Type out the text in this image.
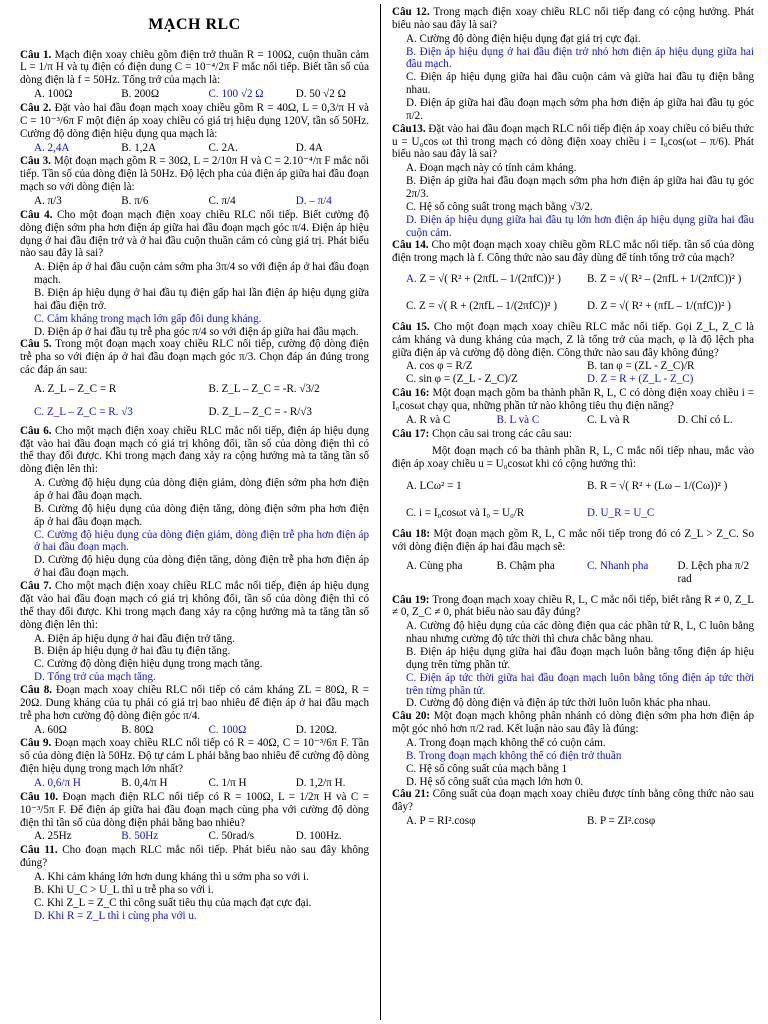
MẠCH RLC
Câu 1. Mạch điện xoay chiều gồm điện trở thuần R = 100Ω, cuộn thuần cảm L = 1/π H và tụ điện có điện dung C = 10⁻⁴/2π F mắc nối tiếp. Biết tần số của dòng điện là f = 50Hz. Tổng trở của mạch là:
A. 100Ω	B. 200Ω	C. 100 √2 Ω	D. 50 √2 Ω
Câu 2. Đặt vào hai đầu đoạn mạch xoay chiều gồm R = 40Ω, L = 0,3/π H và C = 10⁻³/6π F một điện áp xoay chiều có giá trị hiệu dụng 120V, tần số 50Hz. Cường độ dòng điện hiệu dụng qua mạch là:
A. 2,4A	B. 1,2A	C. 2A.	D. 4A
Câu 3. Một đoạn mạch gồm R = 30Ω, L = 2/10π H và C = 2.10⁻⁴/π F mắc nối tiếp. Tần số của dòng điện là 50Hz. Độ lệch pha của điện áp giữa hai đầu đoạn mạch so với dòng điện là:
A. π/3	B. π/6	C. π/4	D. – π/4
Câu 4. Cho một đoạn mạch điện xoay chiều RLC nối tiếp. Biết cường độ dòng điện sớm pha hơn điện áp giữa hai đầu đoạn mạch góc π/4. Điện áp hiệu dụng ở hai đầu điện trở và ở hai đầu cuộn thuần cảm có cùng giá trị. Phát biểu nào sau đây là sai?
A. Điện áp ở hai đầu cuộn cảm sớm pha 3π/4 so với điện áp ở hai đầu đoạn mạch.
B. Điện áp hiệu dụng ở hai đầu tụ điện gấp hai lần điện áp hiệu dụng giữa hai đầu điện trở.
C. Cảm kháng trong mạch lớn gấp đôi dung kháng.
D. Điện áp ở hai đầu tụ trễ pha góc π/4 so với điện áp giữa hai đầu mạch.
Câu 5. Trong một đoạn mạch xoay chiều RLC nối tiếp, cường độ dòng điện trễ pha so với điện áp ở hai đầu đoạn mạch góc π/3. Chọn đáp án đúng trong các đáp án sau:
A. Z_L – Z_C = R	B. Z_L – Z_C = -R. √3/2
C. Z_L – Z_C = R. √3	D. Z_L – Z_C = - R/√3
Câu 6. Cho một mạch điện xoay chiều RLC mắc nối tiếp, điện áp hiệu dụng đặt vào hai đầu đoạn mạch có giá trị không đổi, tần số của dòng điện thì có thể thay đổi được. Khi trong mạch đang xảy ra cộng hưởng mà ta tăng tần số dòng điện lên thì:
A. Cường độ hiệu dụng của dòng điện giảm, dòng điện sớm pha hơn điện áp ở hai đầu đoạn mạch.
B. Cường độ hiệu dụng của dòng điện tăng, dòng điện sớm pha hơn điện áp ở hai đầu đoạn mạch.
C. Cường độ hiệu dụng của dòng điện giảm, dòng điện trễ pha hơn điện áp ở hai đầu đoạn mạch.
D. Cường độ hiệu dụng của dòng điện tăng, dòng điện trễ pha hơn điện áp ở hai đầu đoạn mạch.
Câu 7. Cho một mạch điện xoay chiều RLC mắc nối tiếp, điện áp hiệu dụng đặt vào hai đầu đoạn mạch có giá trị không đổi, tần số của dòng điện thì có thể thay đổi được. Khi trong mạch đang xảy ra cộng hưởng mà ta tăng tần số dòng điện lên thì:
A. Điện áp hiệu dụng ở hai đầu điện trở tăng.
B. Điện áp hiệu dụng ở hai đầu tụ điện tăng.
C. Cường độ dòng điện hiệu dụng trong mạch tăng.
D. Tổng trở của mạch tăng.
Câu 8. Đoạn mạch xoay chiều RLC nối tiếp có cảm kháng ZL = 80Ω, R = 20Ω. Dung kháng của tụ phải có giá trị bao nhiêu để điện áp ở hai đầu mạch trễ pha hơn cường độ dòng điện góc π/4.
A. 60Ω	B. 80Ω	C. 100Ω	D. 120Ω.
Câu 9. Đoạn mạch xoay chiều RLC nối tiếp có R = 40Ω, C = 10⁻³/6π F. Tần số của dòng điện là 50Hz. Độ tự cảm L phải bằng bao nhiêu để cường độ dòng điện hiệu dụng trong mạch lớn nhất?
A. 0,6/π H	B. 0,4/π H	C. 1/π H	D. 1,2/π H.
Câu 10. Đoạn mạch điện RLC nối tiếp có R = 100Ω, L = 1/2π H và C = 10⁻³/5π F. Để điện áp giữa hai đầu đoạn mạch cùng pha với cường độ dòng điện thì tần số của dòng điện phải bằng bao nhiêu?
A. 25Hz	B. 50Hz	C. 50rad/s	D. 100Hz.
Câu 11. Cho đoạn mạch RLC mắc nối tiếp. Phát biểu nào sau đây không đúng?
A. Khi cảm kháng lớn hơn dung kháng thì u sớm pha so với i.
B. Khi U_C > U_L thì u trễ pha so với i.
C. Khi Z_L = Z_C thì công suất tiêu thụ của mạch đạt cực đại.
D. Khi R = Z_L thì i cùng pha với u.
Câu 12. Trong mạch điện xoay chiều RLC nối tiếp đang có cộng hưởng. Phát biểu nào sau đây là sai?
A. Cường độ dòng điện hiệu dụng đạt giá trị cực đại.
B. Điện áp hiệu dụng ở hai đầu điện trở nhỏ hơn điện áp hiệu dụng giữa hai đầu mạch.
C. Điện áp hiệu dụng giữa hai đầu cuộn cảm và giữa hai đầu tụ điện bằng nhau.
D. Điện áp giữa hai đầu đoạn mạch sớm pha hơn điện áp giữa hai đầu tụ góc π/2.
Câu13. Đặt vào hai đầu đoạn mạch RLC nối tiếp điện áp xoay chiều có biểu thức u = U₀cos ωt thì trong mạch có dòng điện xoay chiều i = I₀cos(ωt – π/6). Phát biểu nào sau đây là sai?
A. Đoạn mạch này có tính cảm kháng.
B. Điện áp giữa hai đầu đoạn mạch sớm pha hơn điện áp giữa hai đầu tụ góc 2π/3.
C. Hệ số công suất trong mạch bằng √3/2.
D. Điện áp hiệu dụng giữa hai đầu tụ lớn hơn điện áp hiệu dụng giữa hai đầu cuộn cảm.
Câu 14. Cho một đoạn mạch xoay chiều gồm RLC mắc nối tiếp. tần số của dòng điện trong mạch là f. Công thức nào sau đây dùng để tính tổng trở của mạch?
A. Z = √( R² + (2πfL – 1/(2πfC))² )	B. Z = √( R² – (2πfL + 1/(2πfC))² )
C. Z = √( R + (2πfL – 1/(2πfC))² )	D. Z = √( R² + (πfL – 1/(πfC))² )
Câu 15. Cho một đoạn mạch xoay chiều RLC mắc nối tiếp. Gọi Z_L, Z_C là cảm kháng và dung kháng của mạch, Z là tổng trở của mạch, φ là độ lệch pha giữa điện áp và cường độ dòng điện. Công thức nào sau đây không đúng?
A. cos φ = R/Z	B. tan φ = (ZL - Z_C)/R
C. sin φ = (Z_L - Z_C)/Z	D. Z = R + (Z_L - Z_C)
Câu 16: Một đoạn mạch gồm ba thành phần R, L, C có dòng điện xoay chiều i = I₀cosωt chạy qua, những phần tử nào không tiêu thụ điện năng?
A. R và C	B. L và C	C. L và R	D. Chỉ có L.
Câu 17: Chọn câu sai trong các câu sau:
Một đoạn mạch có ba thành phần R, L, C mắc nối tiếp nhau, mắc vào điện áp xoay chiều u = U₀cosωt khi có cộng hưởng thì:
A. LCω² = 1	B. R = √( R² + (Lω – 1/(Cω))² )
C. i = I₀cosωt và I₀ = U₀/R	D. U_R = U_C
Câu 18: Một đoạn mạch gồm R, L, C mắc nối tiếp trong đó có Z_L > Z_C. So với dòng điện điện áp hai đầu mạch sẽ:
A. Cùng pha	B. Chậm pha	C. Nhanh pha	D. Lệch pha π/2 rad
Câu 19: Trong đoạn mạch xoay chiều R, L, C mắc nối tiếp, biết rằng R ≠ 0, Z_L ≠ 0, Z_C ≠ 0, phát biểu nào sau đây đúng?
A. Cường độ hiệu dụng của các dòng điện qua các phần tử R, L, C luôn bằng nhau nhưng cường độ tức thời thì chưa chắc bằng nhau.
B. Điện áp hiệu dụng giữa hai đầu đoạn mạch luôn bằng tổng điện áp hiệu dụng trên từng phần tử.
C. Điện áp tức thời giữa hai đầu đoạn mạch luôn bằng tổng điện áp tức thời trên từng phần tử.
D. Cường độ dòng điện và điện áp tức thời luôn luôn khác pha nhau.
Câu 20: Một đoạn mạch không phân nhánh có dòng điện sớm pha hơn điện áp một góc nhỏ hơn π/2 rad. Kết luận nào sau đây là đúng:
A. Trong đoạn mạch không thể có cuộn cảm.
B. Trong đoạn mạch không thể có điện trở thuần
C. Hệ số công suất của mạch bằng 1
D. Hệ số công suất của mạch lớn hơn 0.
Câu 21: Công suất của đoạn mạch xoay chiều được tính bằng công thức nào sau đây?
A. P = RI².cosφ	B. P = ZI².cosφ
